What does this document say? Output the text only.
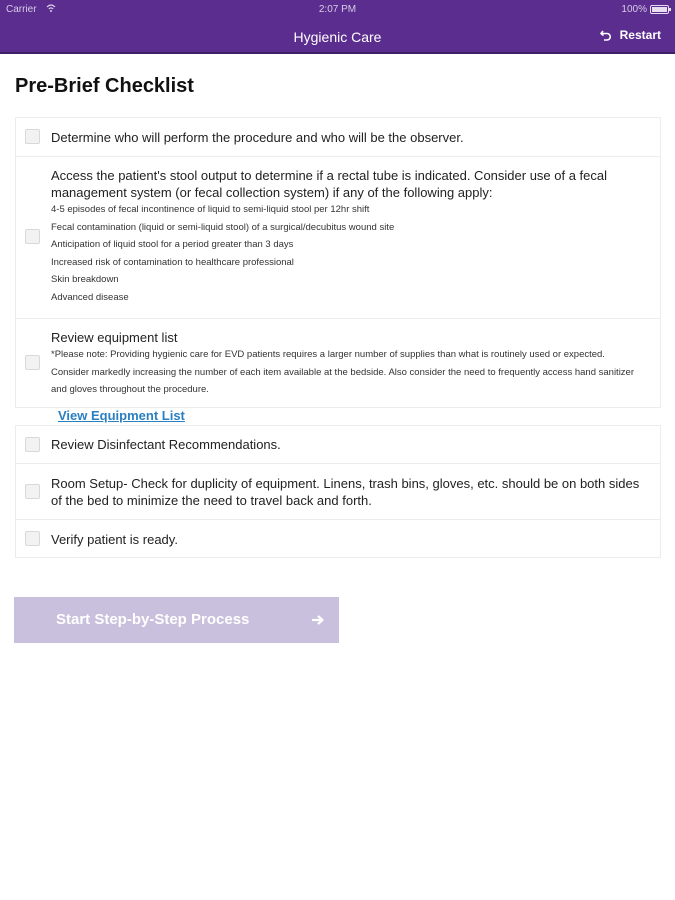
Carrier	2:07 PM	100%
Hygienic Care	Restart
Pre-Brief Checklist
Determine who will perform the procedure and who will be the observer.
Access the patient's stool output to determine if a rectal tube is indicated. Consider use of a fecal management system (or fecal collection system) if any of the following apply:
4-5 episodes of fecal incontinence of liquid to semi-liquid stool per 12hr shift
Fecal contamination (liquid or semi-liquid stool) of a surgical/decubitus wound site
Anticipation of liquid stool for a period greater than 3 days
Increased risk of contamination to healthcare professional
Skin breakdown
Advanced disease
Review equipment list
*Please note: Providing hygienic care for EVD patients requires a larger number of supplies than what is routinely used or expected. Consider markedly increasing the number of each item available at the bedside. Also consider the need to frequently access hand sanitizer and gloves throughout the procedure.
View Equipment List
Review Disinfectant Recommendations.
Room Setup- Check for duplicity of equipment. Linens, trash bins, gloves, etc. should be on both sides of the bed to minimize the need to travel back and forth.
Verify patient is ready.
Start Step-by-Step Process
